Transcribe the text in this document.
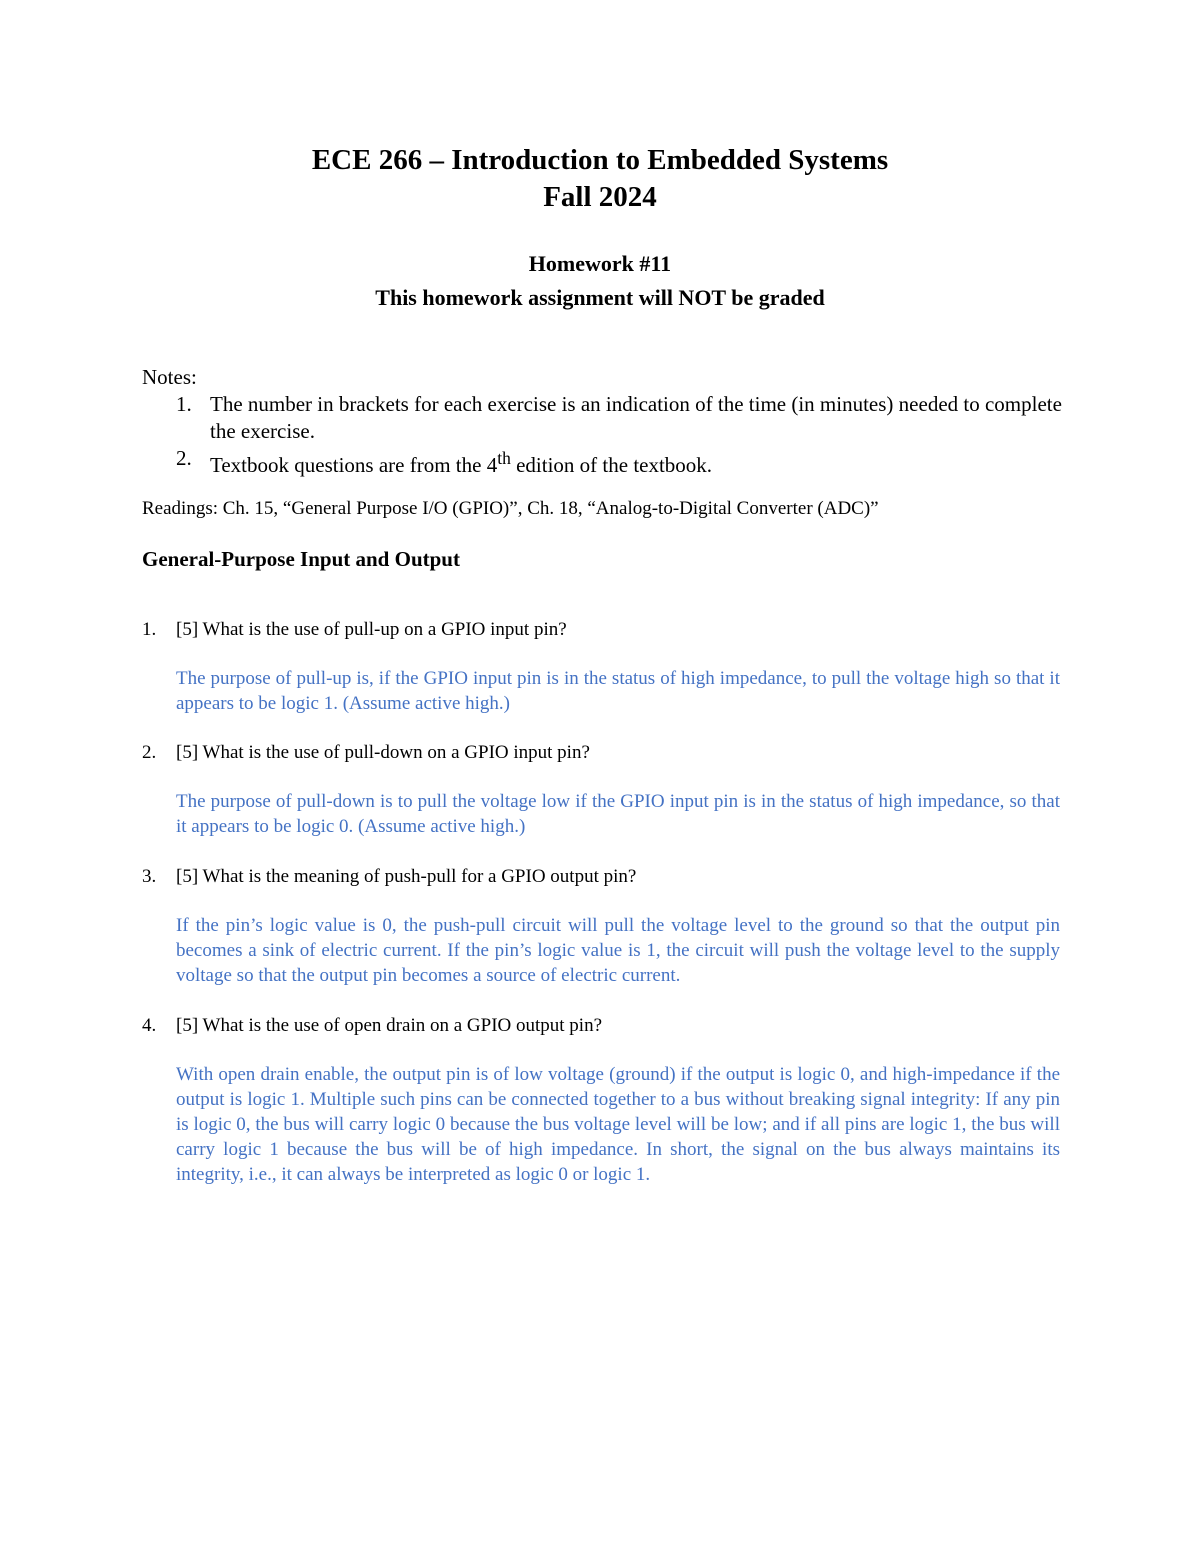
ECE 266 – Introduction to Embedded Systems
Fall 2024
Homework #11
This homework assignment will NOT be graded

Notes:

1. The number in brackets for each exercise is an indication of the time (in minutes) needed to complete the exercise.
2. Textbook questions are from the 4th edition of the textbook.
Readings: Ch. 15, “General Purpose I/O (GPIO)”, Ch. 18, “Analog-to-Digital Converter (ADC)”
General-Purpose Input and Output
1. [5] What is the use of pull-up on a GPIO input pin?
The purpose of pull-up is, if the GPIO input pin is in the status of high impedance, to pull the voltage high so that it appears to be logic 1. (Assume active high.)
2. [5] What is the use of pull-down on a GPIO input pin?
The purpose of pull-down is to pull the voltage low if the GPIO input pin is in the status of high impedance, so that it appears to be logic 0. (Assume active high.)
3. [5] What is the meaning of push-pull for a GPIO output pin?
If the pin’s logic value is 0, the push-pull circuit will pull the voltage level to the ground so that the output pin becomes a sink of electric current. If the pin’s logic value is 1, the circuit will push the voltage level to the supply voltage so that the output pin becomes a source of electric current.
4. [5] What is the use of open drain on a GPIO output pin?
With open drain enable, the output pin is of low voltage (ground) if the output is logic 0, and high-impedance if the output is logic 1. Multiple such pins can be connected together to a bus without breaking signal integrity: If any pin is logic 0, the bus will carry logic 0 because the bus voltage level will be low; and if all pins are logic 1, the bus will carry logic 1 because the bus will be of high impedance. In short, the signal on the bus always maintains its integrity, i.e., it can always be interpreted as logic 0 or logic 1.
